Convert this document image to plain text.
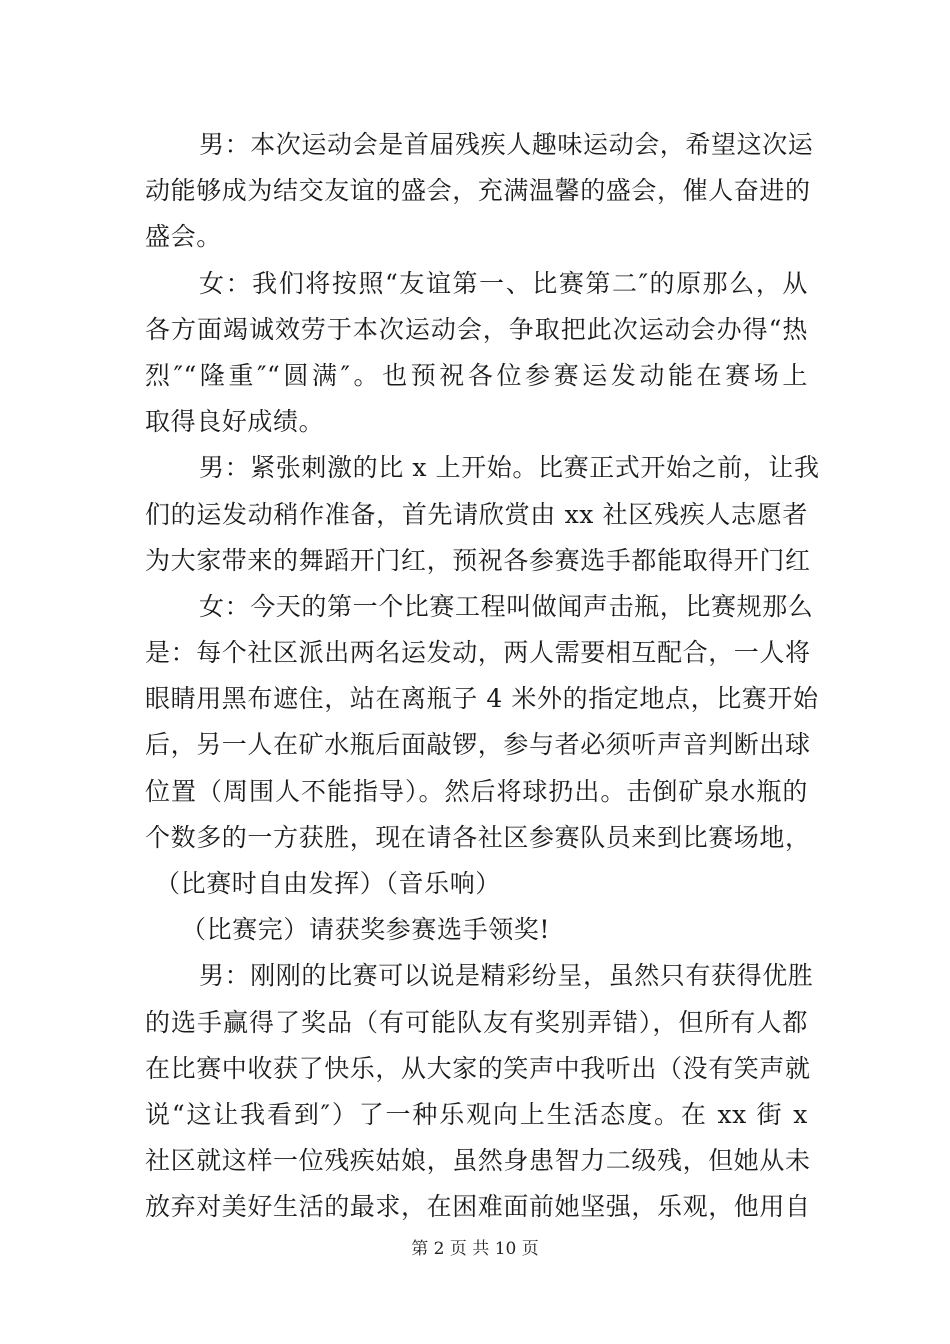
男：本次运动会是首届残疾人趣味运动会，希望这次运
动能够成为结交友谊的盛会，充满温馨的盛会，催人奋进的
盛会。
女：我们将按照“友谊第一、比赛第二″的原那么，从
各方面竭诚效劳于本次运动会，争取把此次运动会办得“热
烈″“隆重″“圆满″。也预祝各位参赛运发动能在赛场上
取得良好成绩。
男：紧张刺激的比 x 上开始。比赛正式开始之前，让我
们的运发动稍作准备，首先请欣赏由 xx 社区残疾人志愿者
为大家带来的舞蹈开门红，预祝各参赛选手都能取得开门红
女：今天的第一个比赛工程叫做闻声击瓶，比赛规那么
是：每个社区派出两名运发动，两人需要相互配合，一人将
眼睛用黑布遮住，站在离瓶子 4 米外的指定地点，比赛开始
后，另一人在矿水瓶后面敲锣，参与者必须听声音判断出球
位置（周围人不能指导）。然后将球扔出。击倒矿泉水瓶的
个数多的一方获胜，现在请各社区参赛队员来到比赛场地，
（比赛时自由发挥）（音乐响）
（比赛完）请获奖参赛选手领奖!
男：刚刚的比赛可以说是精彩纷呈，虽然只有获得优胜
的选手赢得了奖品（有可能队友有奖别弄错），但所有人都
在比赛中收获了快乐，从大家的笑声中我听出（没有笑声就
说“这让我看到″）了一种乐观向上生活态度。在 xx 街 x
社区就这样一位残疾姑娘，虽然身患智力二级残，但她从未
放弃对美好生活的最求，在困难面前她坚强，乐观，他用自
第 2 页 共 10 页
